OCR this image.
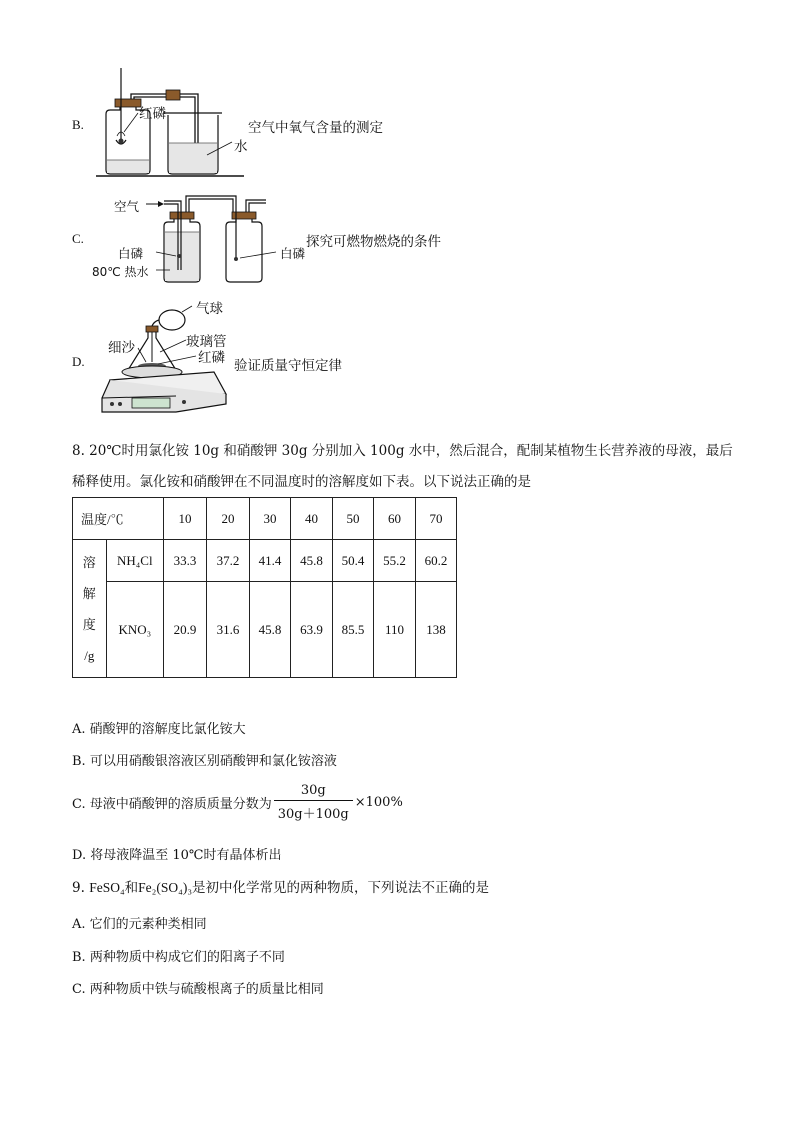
B.
红磷
空气中氧气含量的测定
水
C.
空气
白磷
80℃ 热水
白磷
探究可燃物燃烧的条件
D.
气球
细沙	玻璃管
红磷 验证质量守恒定律
8. 20℃时用氯化铵 10g 和硝酸钾 30g 分别加入 100g 水中，然后混合，配制某植物生长营养液的母液，最后
稀释使用。氯化铵和硝酸钾在不同温度时的溶解度如下表。以下说法正确的是
温度/℃		10	20	30	40	50	60	70

溶
解
度
/g	NH₄Cl	33.3	37.2	41.4	45.8	50.4	55.2	60.2
	KNO₃	20.9	31.6	45.8	63.9	85.5	110	138
A. 硝酸钾的溶解度比氯化铵大
B. 可以用硝酸银溶液区别硝酸钾和氯化铵溶液
C. 母液中硝酸钾的溶质质量分数为 $\frac{30g}{30g+100g} \times 100\%$
D. 将母液降温至 10℃时有晶体析出
9. FeSO₄和Fe₂(SO₄)₃是初中化学常见的两种物质，下列说法不正确的是
A. 它们的元素种类相同
B. 两种物质中构成它们的阳离子不同
C. 两种物质中铁与硫酸根离子的质量比相同
